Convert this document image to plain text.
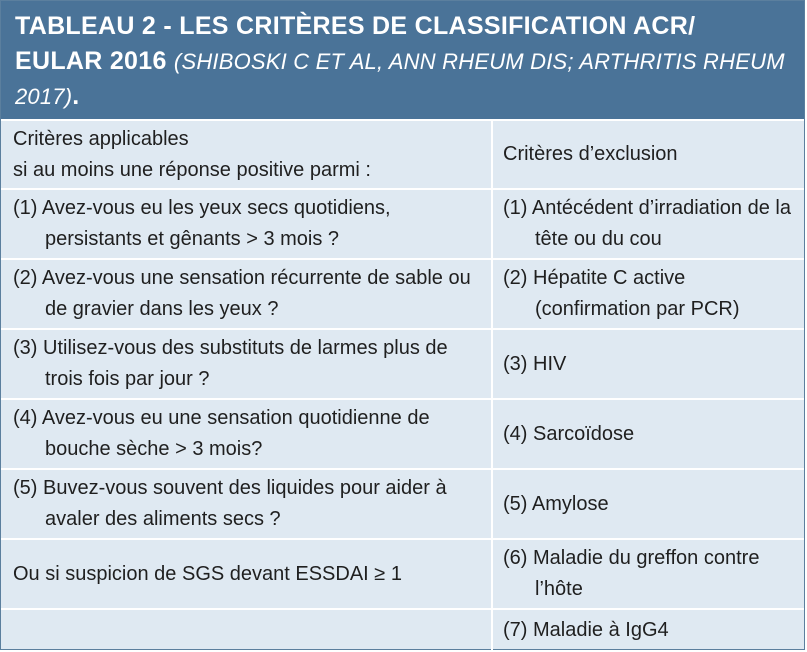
TABLEAU 2 - LES CRITÈRES DE CLASSIFICATION ACR/
EULAR 2016 (SHIBOSKI C ET AL, ANN RHEUM DIS; ARTHRITIS RHEUM 2017).
Critères applicables
si au moins une réponse positive parmi :	Critères d’exclusion

(1) Avez-vous eu les yeux secs quotidiens, persistants et gênants > 3 mois ?	(1) Antécédent d’irradiation de la tête ou du cou

(2) Avez-vous une sensation récurrente de sable ou de gravier dans les yeux ?	(2) Hépatite C active (confirmation par PCR)

(3) Utilisez-vous des substituts de larmes plus de trois fois par jour ?	(3) HIV

(4) Avez-vous eu une sensation quotidienne de bouche sèche > 3 mois?	(4) Sarcoïdose

(5) Buvez-vous souvent des liquides pour aider à avaler des aliments secs ?	(5) Amylose

Ou si suspicion de SGS devant ESSDAI ≥ 1	(6) Maladie du greffon contre l’hôte

	(7) Maladie à IgG4
